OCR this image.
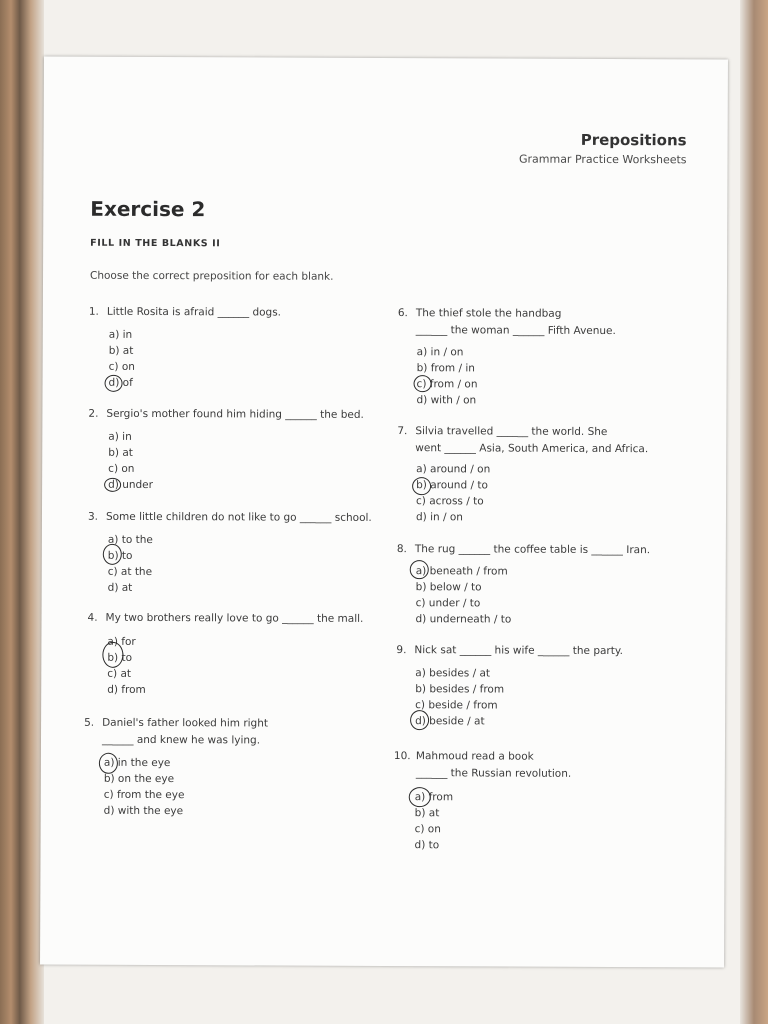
Prepositions
Grammar Practice Worksheets
Exercise 2
FILL IN THE BLANKS II
Choose the correct preposition for each blank.
1. Little Rosita is afraid ______ dogs.
a) in
b) at
c) on
d) of
2. Sergio's mother found him hiding ______ the bed.
a) in
b) at
c) on
d) under
3. Some little children do not like to go ______ school.
a) to the
b) to
c) at the
d) at
4. My two brothers really love to go ______ the mall.
a) for
b) to
c) at
d) from
5. Daniel's father looked him right
______ and knew he was lying.
a) in the eye
b) on the eye
c) from the eye
d) with the eye
6. The thief stole the handbag
______ the woman ______ Fifth Avenue.
a) in / on
b) from / in
c) from / on
d) with / on
7. Silvia travelled ______ the world. She
went ______ Asia, South America, and Africa.
a) around / on
b) around / to
c) across / to
d) in / on
8. The rug ______ the coffee table is ______ Iran.
a) beneath / from
b) below / to
c) under / to
d) underneath / to
9. Nick sat ______ his wife ______ the party.
a) besides / at
b) besides / from
c) beside / from
d) beside / at
10. Mahmoud read a book
______ the Russian revolution.
a) from
b) at
c) on
d) to
